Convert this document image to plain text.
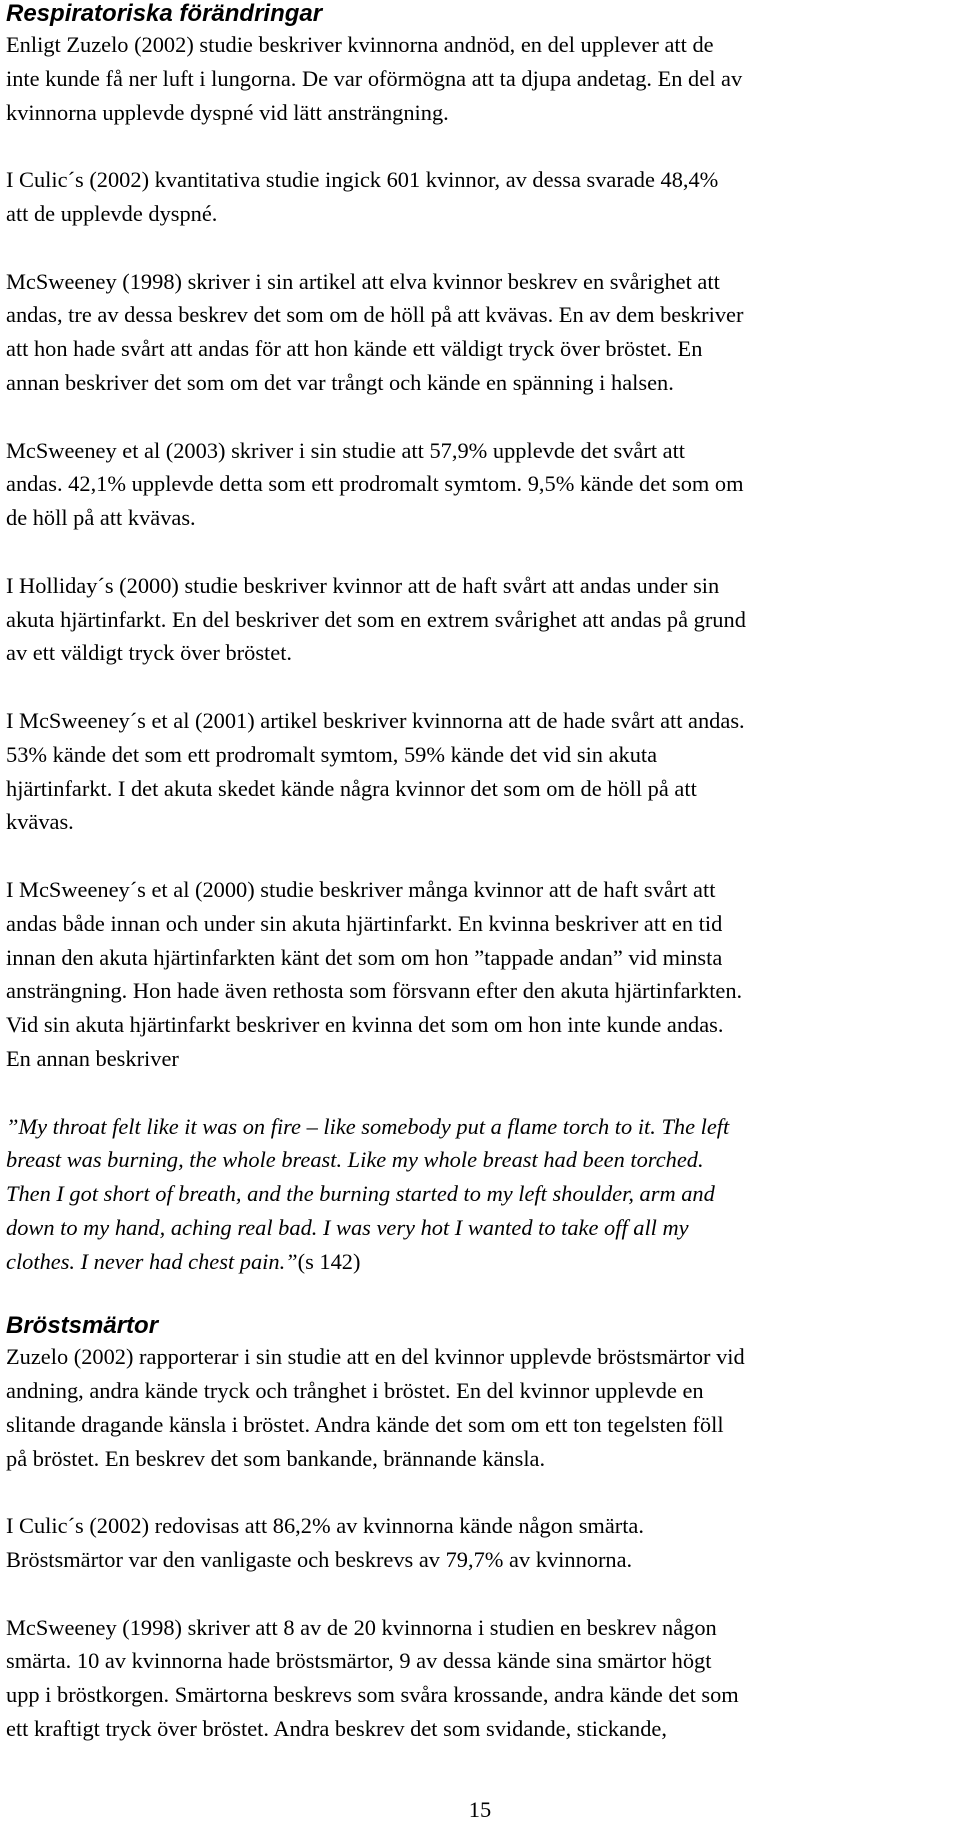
Respiratoriska förändringar

Enligt Zuzelo (2002) studie beskriver kvinnorna andnöd, en del upplever att de
inte kunde få ner luft i lungorna. De var oförmögna att ta djupa andetag. En del av
kvinnorna upplevde dyspné vid lätt ansträngning.

I Culic´s (2002) kvantitativa studie ingick 601 kvinnor, av dessa svarade 48,4%
att de upplevde dyspné.

McSweeney (1998) skriver i sin artikel att elva kvinnor beskrev en svårighet att
andas, tre av dessa beskrev det som om de höll på att kvävas. En av dem beskriver
att hon hade svårt att andas för att hon kände ett väldigt tryck över bröstet. En
annan beskriver det som om det var trångt och kände en spänning i halsen.

McSweeney et al (2003) skriver i sin studie att 57,9% upplevde det svårt att
andas. 42,1% upplevde detta som ett prodromalt symtom. 9,5% kände det som om
de höll på att kvävas.

I Holliday´s (2000) studie beskriver kvinnor att de haft svårt att andas under sin
akuta hjärtinfarkt. En del beskriver det som en extrem svårighet att andas på grund
av ett väldigt tryck över bröstet.

I McSweeney´s et al (2001) artikel beskriver kvinnorna att de hade svårt att andas.
53% kände det som ett prodromalt symtom, 59% kände det vid sin akuta
hjärtinfarkt. I det akuta skedet kände några kvinnor det som om de höll på att
kvävas.

I McSweeney´s et al (2000) studie beskriver många kvinnor att de haft svårt att
andas både innan och under sin akuta hjärtinfarkt. En kvinna beskriver att en tid
innan den akuta hjärtinfarkten känt det som om hon ”tappade andan” vid minsta
ansträngning. Hon hade även rethosta som försvann efter den akuta hjärtinfarkten.
Vid sin akuta hjärtinfarkt beskriver en kvinna det som om hon inte kunde andas.
En annan beskriver

”My throat felt like it was on fire – like somebody put a flame torch to it. The left
breast was burning, the whole breast. Like my whole breast had been torched.
Then I got short of breath, and the burning started to my left shoulder, arm and
down to my hand, aching real bad. I was very hot I wanted to take off all my
clothes. I never had chest pain.”(s 142)

Bröstsmärtor

Zuzelo (2002) rapporterar i sin studie att en del kvinnor upplevde bröstsmärtor vid
andning, andra kände tryck och trånghet i bröstet. En del kvinnor upplevde en
slitande dragande känsla i bröstet. Andra kände det som om ett ton tegelsten föll
på bröstet. En beskrev det som bankande, brännande känsla.

I Culic´s (2002) redovisas att 86,2% av kvinnorna kände någon smärta.
Bröstsmärtor var den vanligaste och beskrevs av 79,7% av kvinnorna.

McSweeney (1998) skriver att 8 av de 20 kvinnorna i studien en beskrev någon
smärta. 10 av kvinnorna hade bröstsmärtor, 9 av dessa kände sina smärtor högt
upp i bröstkorgen. Smärtorna beskrevs som svåra krossande, andra kände det som
ett kraftigt tryck över bröstet. Andra beskrev det som svidande, stickande,

15
